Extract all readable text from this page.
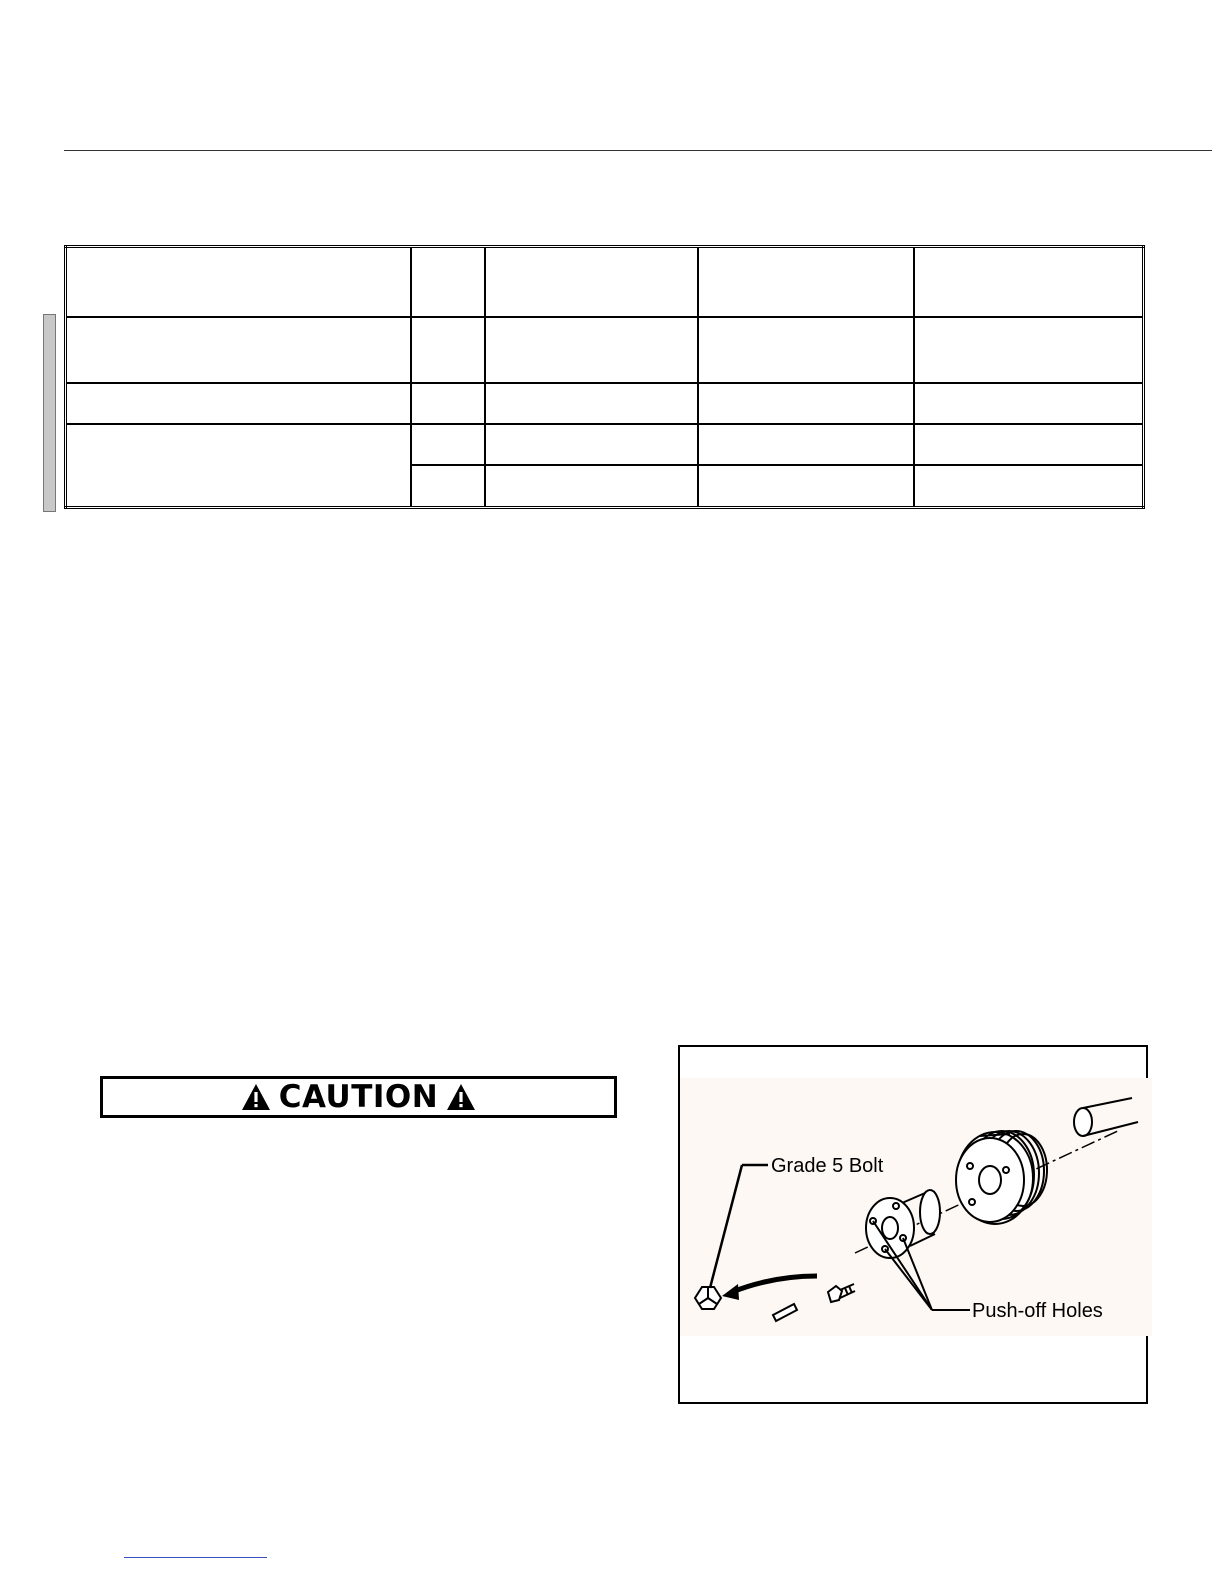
CAUTION
Push-off Holes
Grade 5 Bolt
